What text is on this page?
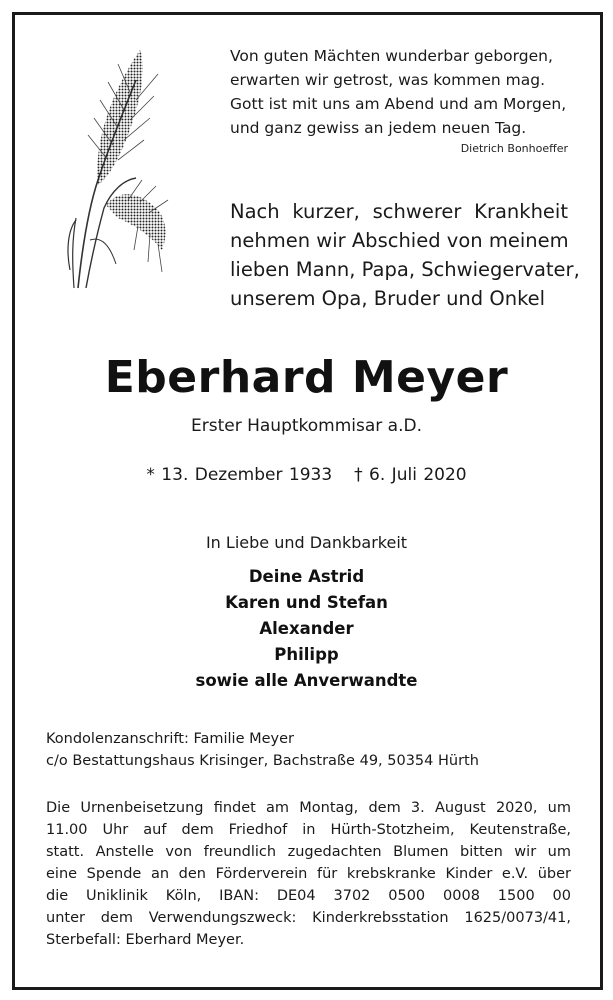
Von guten Mächten wunderbar geborgen,
erwarten wir getrost, was kommen mag.
Gott ist mit uns am Abend und am Morgen,
und ganz gewiss an jedem neuen Tag.
Dietrich Bonhoeffer
Nach kurzer, schwerer Krankheit
nehmen wir Abschied von meinem
lieben Mann, Papa, Schwiegervater,
unserem Opa, Bruder und Onkel
Eberhard Meyer
Erster Hauptkommisar a.D.
* 13. Dezember 1933 † 6. Juli 2020
In Liebe und Dankbarkeit
Deine Astrid
Karen und Stefan
Alexander
Philipp
sowie alle Anverwandte
Kondolenzanschrift: Familie Meyer
c/o Bestattungshaus Krisinger, Bachstraße 49, 50354 Hürth
Die Urnenbeisetzung findet am Montag, dem 3. August 2020, um
11.00 Uhr auf dem Friedhof in Hürth-Stotzheim, Keutenstraße,
statt. Anstelle von freundlich zugedachten Blumen bitten wir um
eine Spende an den Förderverein für krebskranke Kinder e.V. über
die Uniklinik Köln, IBAN: DE04 3702 0500 0008 1500 00
unter dem Verwendungszweck: Kinderkrebsstation 1625/0073/41,
Sterbefall: Eberhard Meyer.
